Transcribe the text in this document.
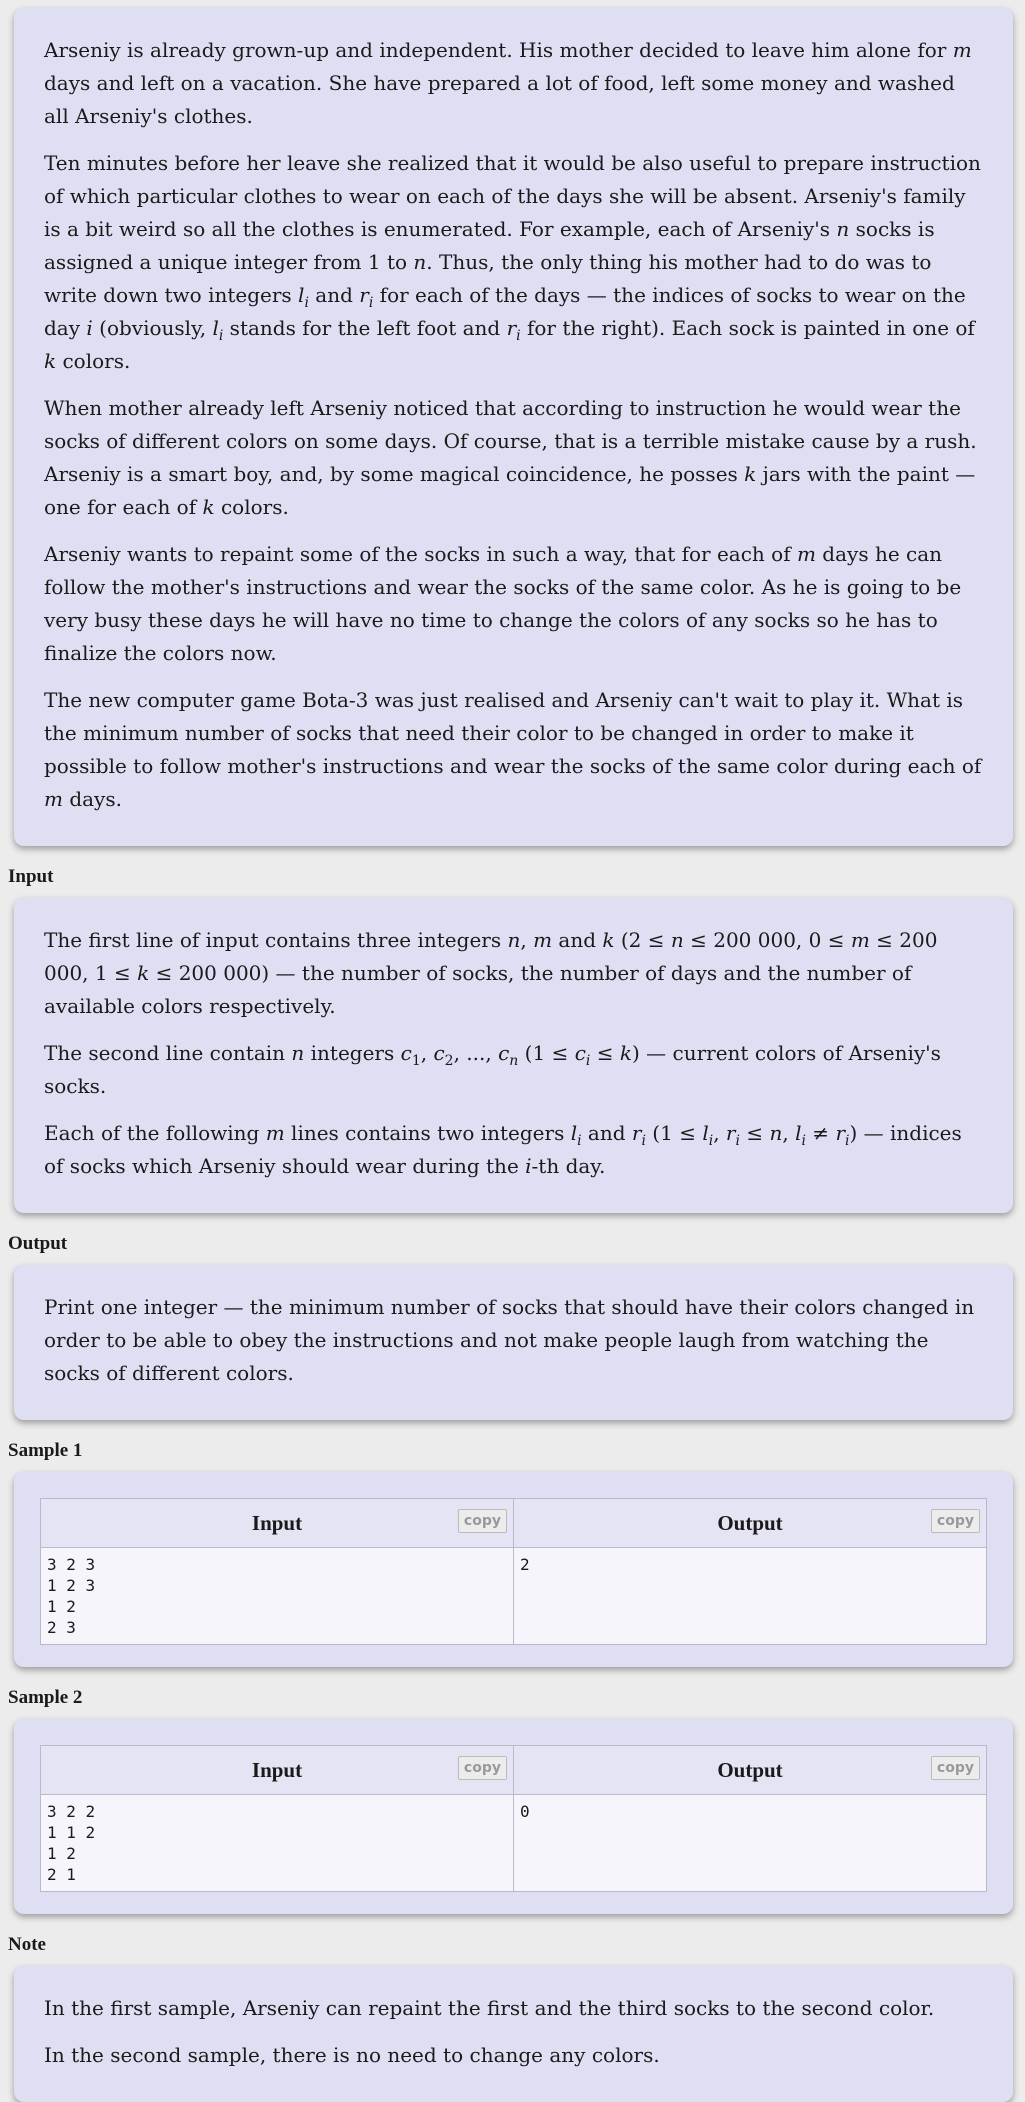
Arseniy is already grown-up and independent. His mother decided to leave him alone for m days and left on a vacation. She have prepared a lot of food, left some money and washed all Arseniy's clothes.

Ten minutes before her leave she realized that it would be also useful to prepare instruction of which particular clothes to wear on each of the days she will be absent. Arseniy's family is a bit weird so all the clothes is enumerated. For example, each of Arseniy's n socks is assigned a unique integer from 1 to n. Thus, the only thing his mother had to do was to write down two integers $l_i$ and $r_i$ for each of the days — the indices of socks to wear on the day i (obviously, $l_i$ stands for the left foot and $r_i$ for the right). Each sock is painted in one of k colors.

When mother already left Arseniy noticed that according to instruction he would wear the socks of different colors on some days. Of course, that is a terrible mistake cause by a rush. Arseniy is a smart boy, and, by some magical coincidence, he posses k jars with the paint — one for each of k colors.

Arseniy wants to repaint some of the socks in such a way, that for each of m days he can follow the mother's instructions and wear the socks of the same color. As he is going to be very busy these days he will have no time to change the colors of any socks so he has to finalize the colors now.

The new computer game Bota-3 was just realised and Arseniy can't wait to play it. What is the minimum number of socks that need their color to be changed in order to make it possible to follow mother's instructions and wear the socks of the same color during each of m days.

Input

The first line of input contains three integers n, m and k (2 ≤ n ≤ 200 000, 0 ≤ m ≤ 200 000, 1 ≤ k ≤ 200 000) — the number of socks, the number of days and the number of available colors respectively.

The second line contain n integers $c_1$, $c_2$, ..., $c_n$ $(1 \le c_i \le k)$ — current colors of Arseniy's socks.

Each of the following m lines contains two integers $l_i$ and $r_i$ ($1 \le l_i$, $r_i \le n$, $l_i \ne r_i$) — indices of socks which Arseniy should wear during the i-th day.

Output

Print one integer — the minimum number of socks that should have their colors changed in order to be able to obey the instructions and not make people laugh from watching the socks of different colors.

Sample 1
Input copy	Output copy

3 2 3
1 2 3
1 2
2 3	2
Sample 2
Input copy	Output copy

3 2 2
1 1 2
1 2
2 1	0
Note

In the first sample, Arseniy can repaint the first and the third socks to the second color.

In the second sample, there is no need to change any colors.
